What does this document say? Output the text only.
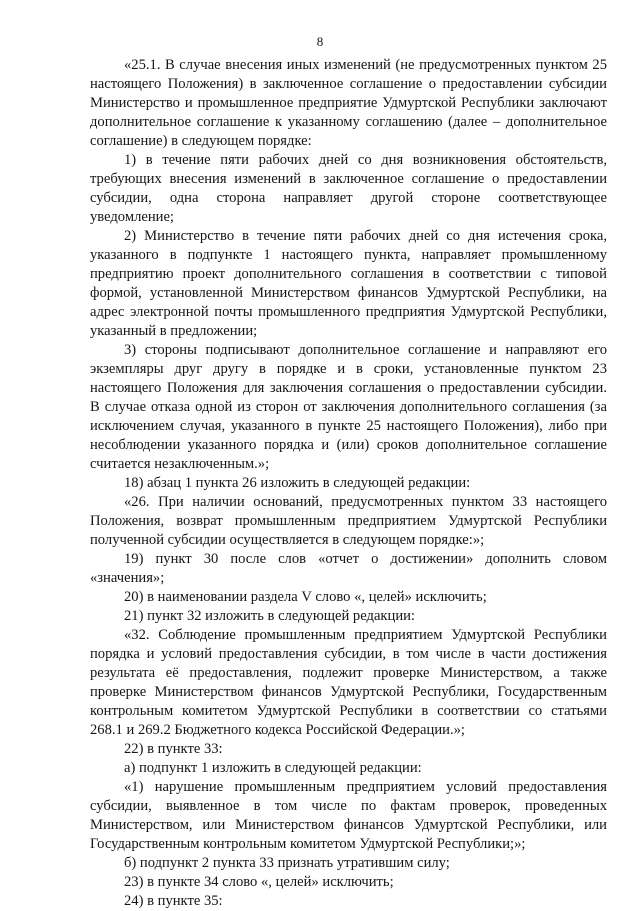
8

«25.1. В случае внесения иных изменений (не предусмотренных пунктом 25 настоящего Положения) в заключенное соглашение о предоставлении субсидии Министерство и промышленное предприятие Удмуртской Республики заключают дополнительное соглашение к указанному соглашению (далее – дополнительное соглашение) в следующем порядке:

1) в течение пяти рабочих дней со дня возникновения обстоятельств, требующих внесения изменений в заключенное соглашение о предоставлении субсидии, одна сторона направляет другой стороне соответствующее уведомление;

2) Министерство в течение пяти рабочих дней со дня истечения срока, указанного в подпункте 1 настоящего пункта, направляет промышленному предприятию проект дополнительного соглашения в соответствии с типовой формой, установленной Министерством финансов Удмуртской Республики, на адрес электронной почты промышленного предприятия Удмуртской Республики, указанный в предложении;

3) стороны подписывают дополнительное соглашение и направляют его экземпляры друг другу в порядке и в сроки, установленные пунктом 23 настоящего Положения для заключения соглашения о предоставлении субсидии. В случае отказа одной из сторон от заключения дополнительного соглашения (за исключением случая, указанного в пункте 25 настоящего Положения), либо при несоблюдении указанного порядка и (или) сроков дополнительное соглашение считается незаключенным.»;

18) абзац 1 пункта 26 изложить в следующей редакции:

«26. При наличии оснований, предусмотренных пунктом 33 настоящего Положения, возврат промышленным предприятием Удмуртской Республики полученной субсидии осуществляется в следующем порядке:»;

19) пункт 30 после слов «отчет о достижении» дополнить словом «значения»;

20) в наименовании раздела V слово «, целей» исключить;

21) пункт 32 изложить в следующей редакции:

«32. Соблюдение промышленным предприятием Удмуртской Республики порядка и условий предоставления субсидии, в том числе в части достижения результата её предоставления, подлежит проверке Министерством, а также проверке Министерством финансов Удмуртской Республики, Государственным контрольным комитетом Удмуртской Республики в соответствии со статьями 268.1 и 269.2 Бюджетного кодекса Российской Федерации.»;

22) в пункте 33:

а) подпункт 1 изложить в следующей редакции:

«1) нарушение промышленным предприятием условий предоставления субсидии, выявленное в том числе по фактам проверок, проведенных Министерством, или Министерством финансов Удмуртской Республики, или Государственным контрольным комитетом Удмуртской Республики;»;

б) подпункт 2 пункта 33 признать утратившим силу;

23) в пункте 34 слово «, целей» исключить;

24) в пункте 35:
